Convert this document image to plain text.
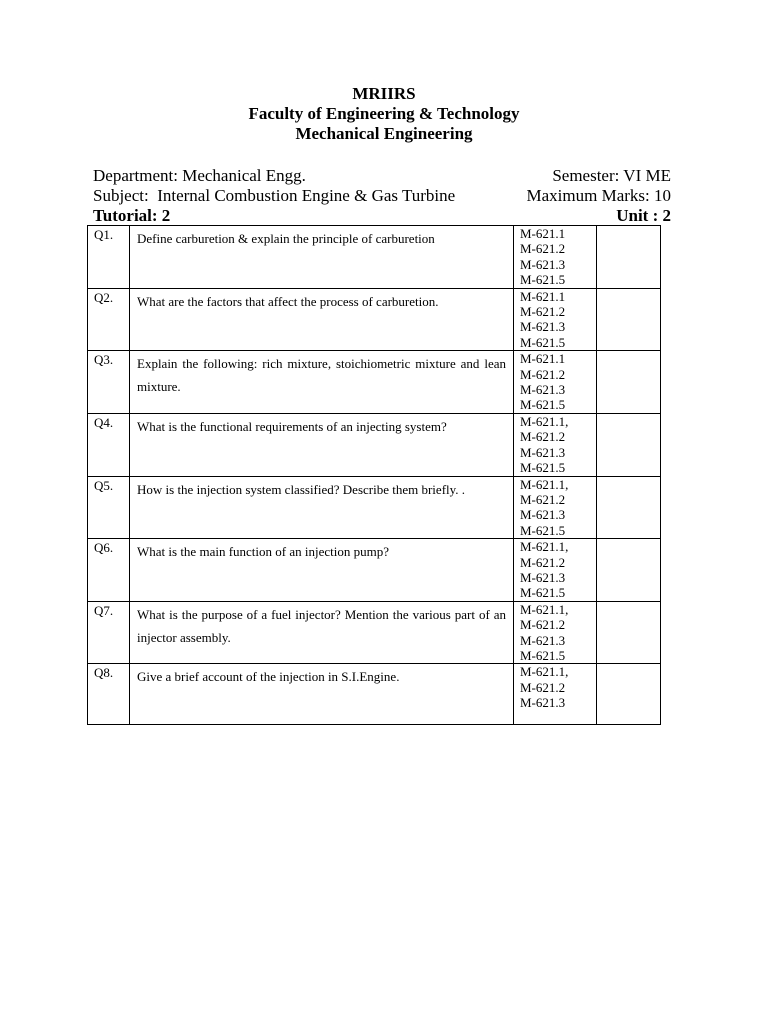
MRIIRS
Faculty of Engineering & Technology
Mechanical Engineering
Department: Mechanical Engg.	Semester: VI ME
Subject:  Internal Combustion Engine & Gas Turbine	Maximum Marks: 10
Tutorial: 2	Unit : 2
Q1.	Define carburetion & explain the principle of carburetion	M-621.1
M-621.2
M-621.3
M-621.5	

Q2.	What are the factors that affect the process of carburetion.	M-621.1
M-621.2
M-621.3
M-621.5	

Q3.	Explain the following: rich mixture, stoichiometric mixture and lean mixture.	M-621.1
M-621.2
M-621.3
M-621.5	

Q4.	What is the functional requirements of an injecting system?	M-621.1,
M-621.2
M-621.3
M-621.5	

Q5.	How is the injection system classified? Describe them briefly. .	M-621.1,
M-621.2
M-621.3
M-621.5	

Q6.	What is the main function of an injection pump?	M-621.1,
M-621.2
M-621.3
M-621.5	

Q7.	What is the purpose of a fuel injector? Mention the various part of an injector assembly.	M-621.1,
M-621.2
M-621.3
M-621.5	

Q8.	Give a brief account of the injection in S.I.Engine.	M-621.1,
M-621.2
M-621.3	
